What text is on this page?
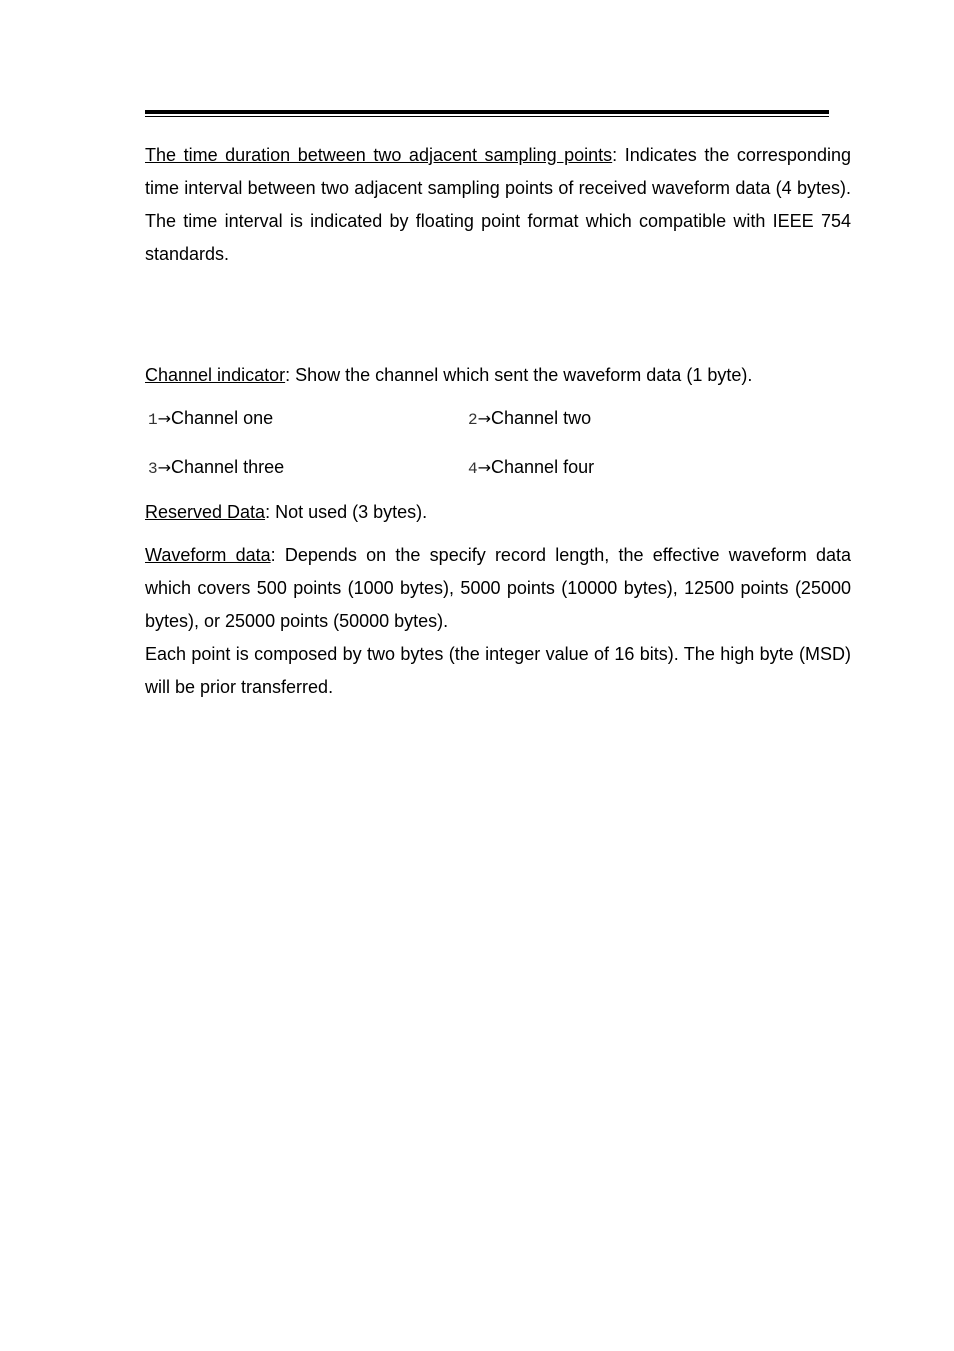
The time duration between two adjacent sampling points: Indicates the corresponding time interval between two adjacent sampling points of received waveform data (4 bytes). The time interval is indicated by floating point format which compatible with IEEE 754 standards.

Channel indicator: Show the channel which sent the waveform data (1 byte).

1→Channel one	2→Channel two
3→Channel three	4→Channel four

Reserved Data: Not used (3 bytes).

Waveform data: Depends on the specify record length, the effective waveform data which covers 500 points (1000 bytes), 5000 points (10000 bytes), 12500 points (25000 bytes), or 25000 points (50000 bytes).

Each point is composed by two bytes (the integer value of 16 bits). The high byte (MSD) will be prior transferred.
